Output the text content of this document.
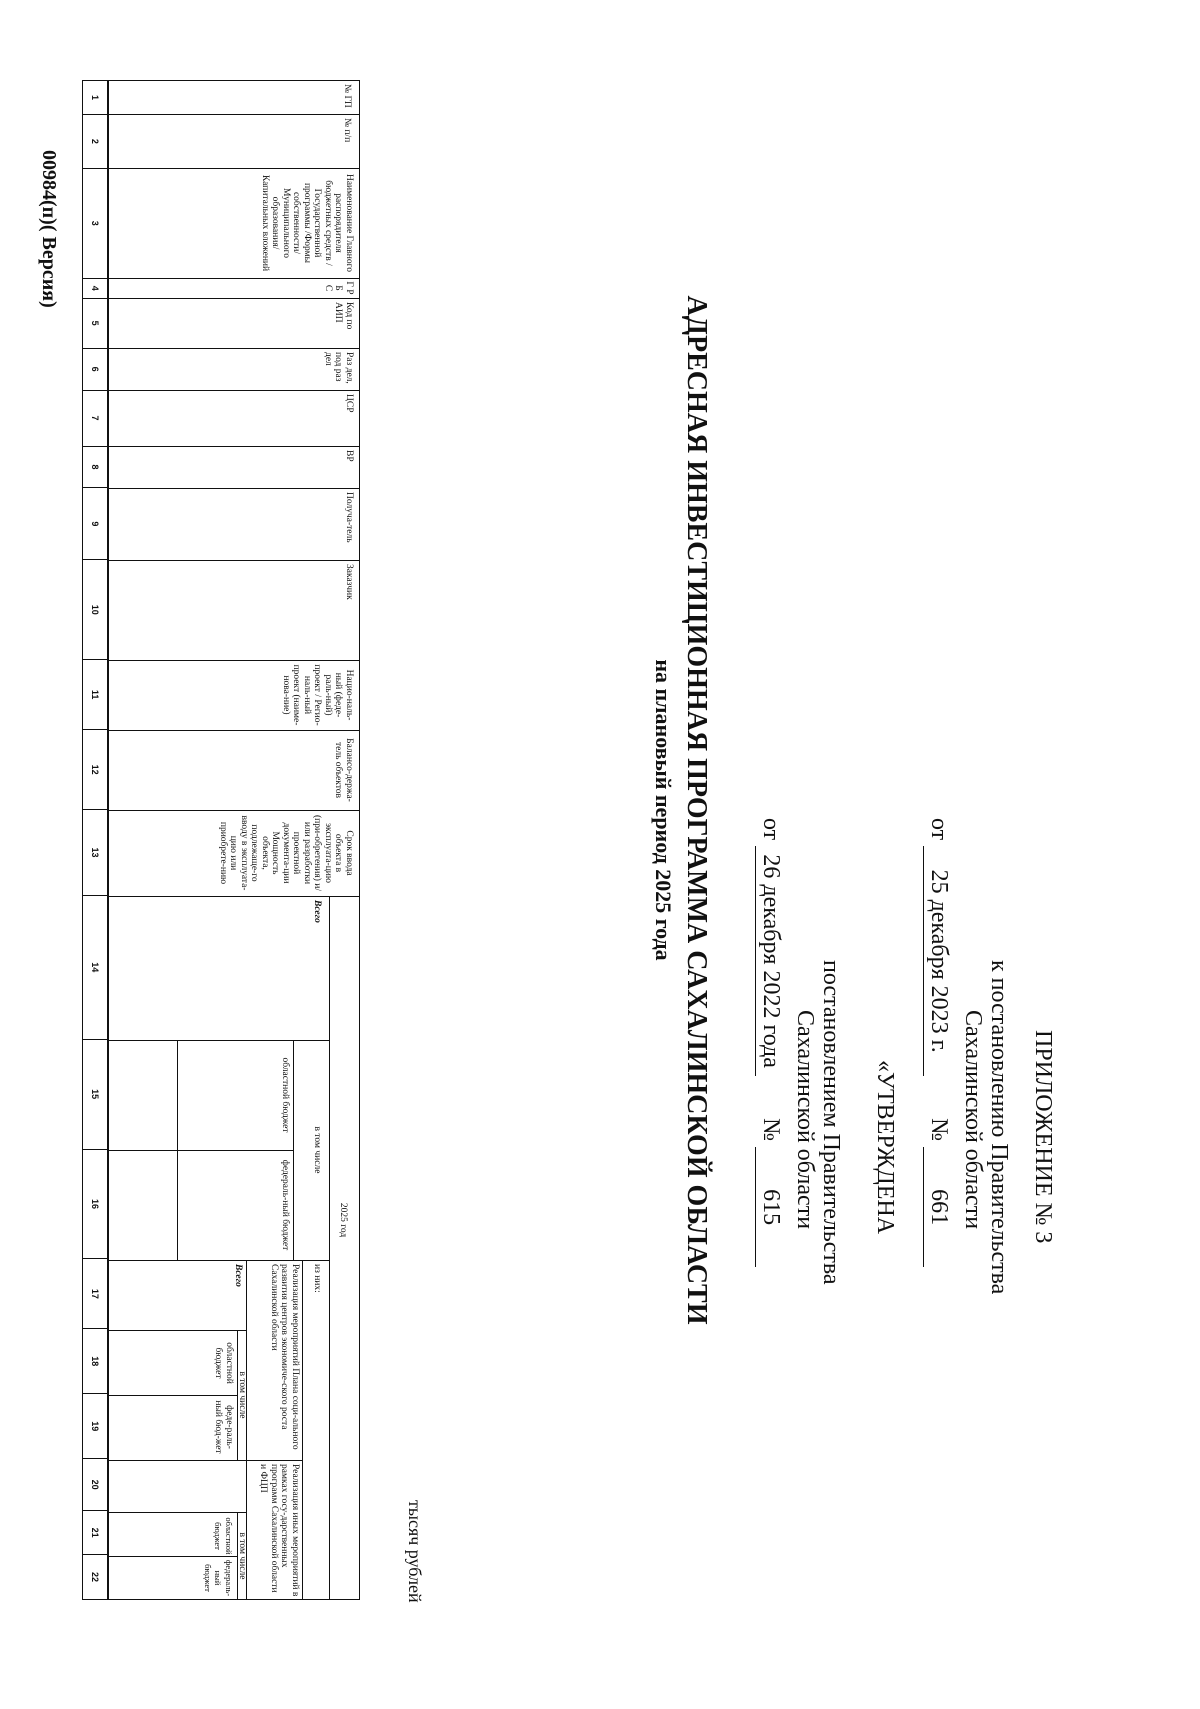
ПРИЛОЖЕНИЕ № 3
к постановлению Правительства
Сахалинской области
от 25 декабря 2023 г.  № 661
«УТВЕРЖДЕНА
постановлением Правительства
Сахалинской области
от 26 декабря 2022 года  № 615
АДРЕСНАЯ ИНВЕСТИЦИОННАЯ ПРОГРАММА САХАЛИНСКОЙ ОБЛАСТИ
на плановый период 2025 года
тысяч рублей
№ ГП
№ п/п
Наименование Главного распорядителя бюджетных средств / Государственной программы /Формы собственности/ Муниципального образования/ Капитальных вложений
Г Р Б С
Код по АИП
Раз дел, под раз дел
ЦСР
ВР
Получа-тель
Заказчик
Нацио-наль-ный (феде-раль-ный) проект / Регио-наль-ный проект (наиме-нова-ние)
Балансо-держа-тель объектов
Срок ввода объекта в эксплуата-цию (при-обретения) и/или разработки проектной документа-ции Мощность объекта, подлежаще-го вводу в эксплуата-цию или приобрете-нию
2025 год
Всего
в том числе
областной бюджет
федераль-ный бюджет
из них:
Реализация мероприятий Плана соци-ального развития центров экономиче-ского роста Сахалинской области
Реализация иных мероприятий в рамках госу-дарственных программ Сахалинской области и ФЦП
Всего
в том числе
областной бюджет
феде-раль-ный бюд-жет
в том числе
областной бюджет
федераль-ный бюджет
1
2
3
4
5
6
7
8
9
10
11
12
13
14
15
16
17
18
19
20
21
22
00984(п)( Версия)
